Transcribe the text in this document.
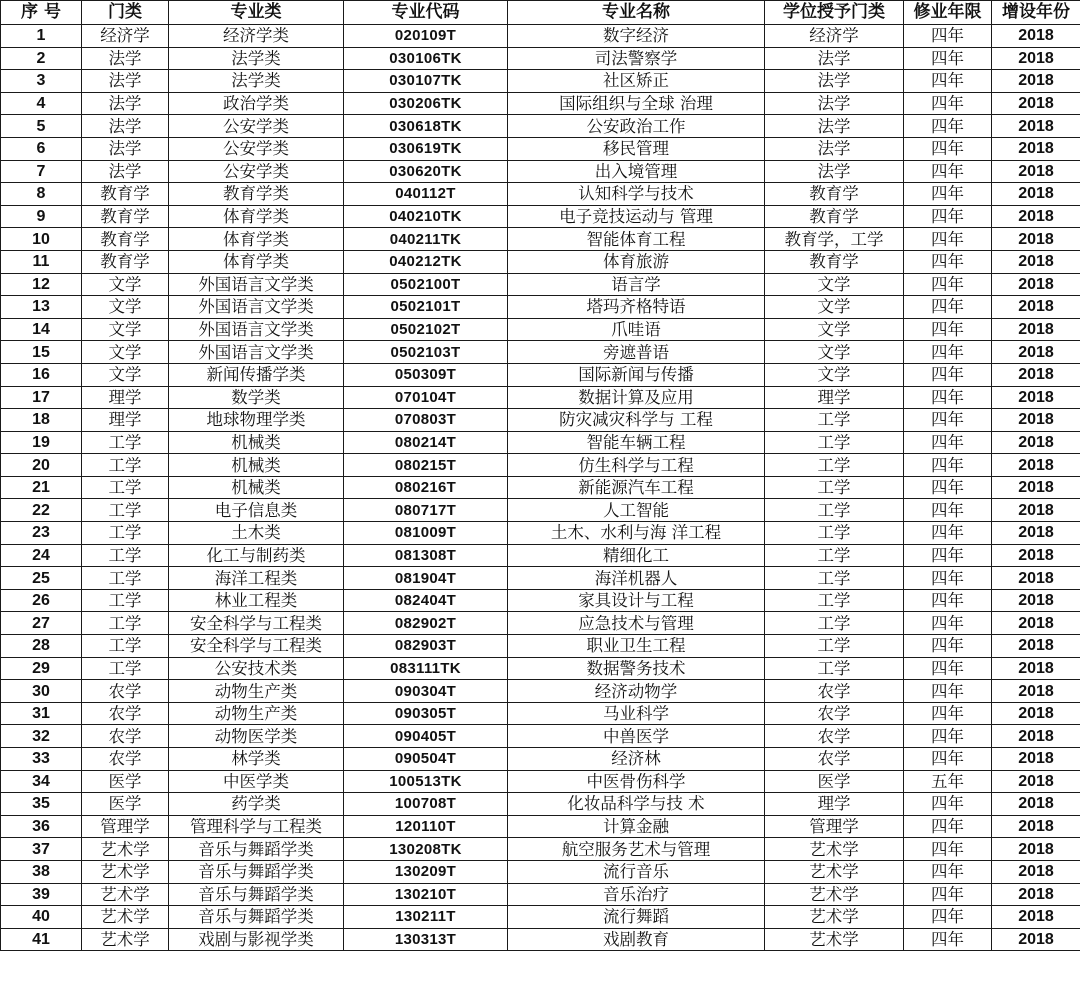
序 号	门类	专业类	专业代码	专业名称	学位授予门类	修业年限	增设年份
1	经济学	经济学类	020109T	数字经济	经济学	四年	2018
2	法学	法学类	030106TK	司法警察学	法学	四年	2018
3	法学	法学类	030107TK	社区矫正	法学	四年	2018
4	法学	政治学类	030206TK	国际组织与全球 治理	法学	四年	2018
5	法学	公安学类	030618TK	公安政治工作	法学	四年	2018
6	法学	公安学类	030619TK	移民管理	法学	四年	2018
7	法学	公安学类	030620TK	出入境管理	法学	四年	2018
8	教育学	教育学类	040112T	认知科学与技术	教育学	四年	2018
9	教育学	体育学类	040210TK	电子竞技运动与 管理	教育学	四年	2018
10	教育学	体育学类	040211TK	智能体育工程	教育学，工学	四年	2018
11	教育学	体育学类	040212TK	体育旅游	教育学	四年	2018
12	文学	外国语言文学类	0502100T	语言学	文学	四年	2018
13	文学	外国语言文学类	0502101T	塔玛齐格特语	文学	四年	2018
14	文学	外国语言文学类	0502102T	爪哇语	文学	四年	2018
15	文学	外国语言文学类	0502103T	旁遮普语	文学	四年	2018
16	文学	新闻传播学类	050309T	国际新闻与传播	文学	四年	2018
17	理学	数学类	070104T	数据计算及应用	理学	四年	2018
18	理学	地球物理学类	070803T	防灾减灾科学与 工程	工学	四年	2018
19	工学	机械类	080214T	智能车辆工程	工学	四年	2018
20	工学	机械类	080215T	仿生科学与工程	工学	四年	2018
21	工学	机械类	080216T	新能源汽车工程	工学	四年	2018
22	工学	电子信息类	080717T	人工智能	工学	四年	2018
23	工学	土木类	081009T	土木、水利与海 洋工程	工学	四年	2018
24	工学	化工与制药类	081308T	精细化工	工学	四年	2018
25	工学	海洋工程类	081904T	海洋机器人	工学	四年	2018
26	工学	林业工程类	082404T	家具设计与工程	工学	四年	2018
27	工学	安全科学与工程类	082902T	应急技术与管理	工学	四年	2018
28	工学	安全科学与工程类	082903T	职业卫生工程	工学	四年	2018
29	工学	公安技术类	083111TK	数据警务技术	工学	四年	2018
30	农学	动物生产类	090304T	经济动物学	农学	四年	2018
31	农学	动物生产类	090305T	马业科学	农学	四年	2018
32	农学	动物医学类	090405T	中兽医学	农学	四年	2018
33	农学	林学类	090504T	经济林	农学	四年	2018
34	医学	中医学类	100513TK	中医骨伤科学	医学	五年	2018
35	医学	药学类	100708T	化妆品科学与技 术	理学	四年	2018
36	管理学	管理科学与工程类	120110T	计算金融	管理学	四年	2018
37	艺术学	音乐与舞蹈学类	130208TK	航空服务艺术与管理	艺术学	四年	2018
38	艺术学	音乐与舞蹈学类	130209T	流行音乐	艺术学	四年	2018
39	艺术学	音乐与舞蹈学类	130210T	音乐治疗	艺术学	四年	2018
40	艺术学	音乐与舞蹈学类	130211T	流行舞蹈	艺术学	四年	2018
41	艺术学	戏剧与影视学类	130313T	戏剧教育	艺术学	四年	2018
